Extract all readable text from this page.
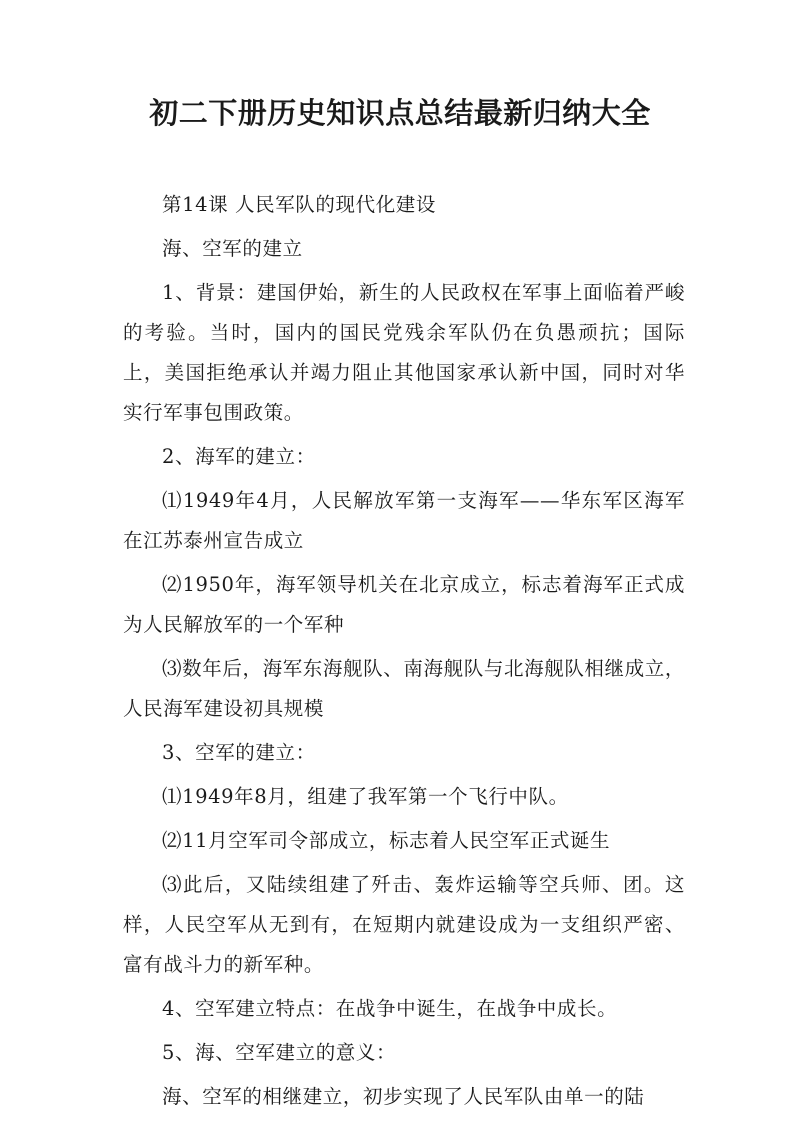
初二下册历史知识点总结最新归纳大全

第14课 人民军队的现代化建设

海、空军的建立

1、背景：建国伊始，新生的人民政权在军事上面临着严峻的考验。当时，国内的国民党残余军队仍在负愚顽抗；国际上，美国拒绝承认并竭力阻止其他国家承认新中国，同时对华实行军事包围政策。

2、海军的建立：

⑴1949年4月，人民解放军第一支海军——华东军区海军在江苏泰州宣告成立

⑵1950年，海军领导机关在北京成立，标志着海军正式成为人民解放军的一个军种

⑶数年后，海军东海舰队、南海舰队与北海舰队相继成立，人民海军建设初具规模

3、空军的建立：

⑴1949年8月，组建了我军第一个飞行中队。

⑵11月空军司令部成立，标志着人民空军正式诞生

⑶此后，又陆续组建了歼击、轰炸运输等空兵师、团。这样，人民空军从无到有，在短期内就建设成为一支组织严密、富有战斗力的新军种。

4、空军建立特点：在战争中诞生，在战争中成长。

5、海、空军建立的意义：

海、空军的相继建立，初步实现了人民军队由单一的陆
